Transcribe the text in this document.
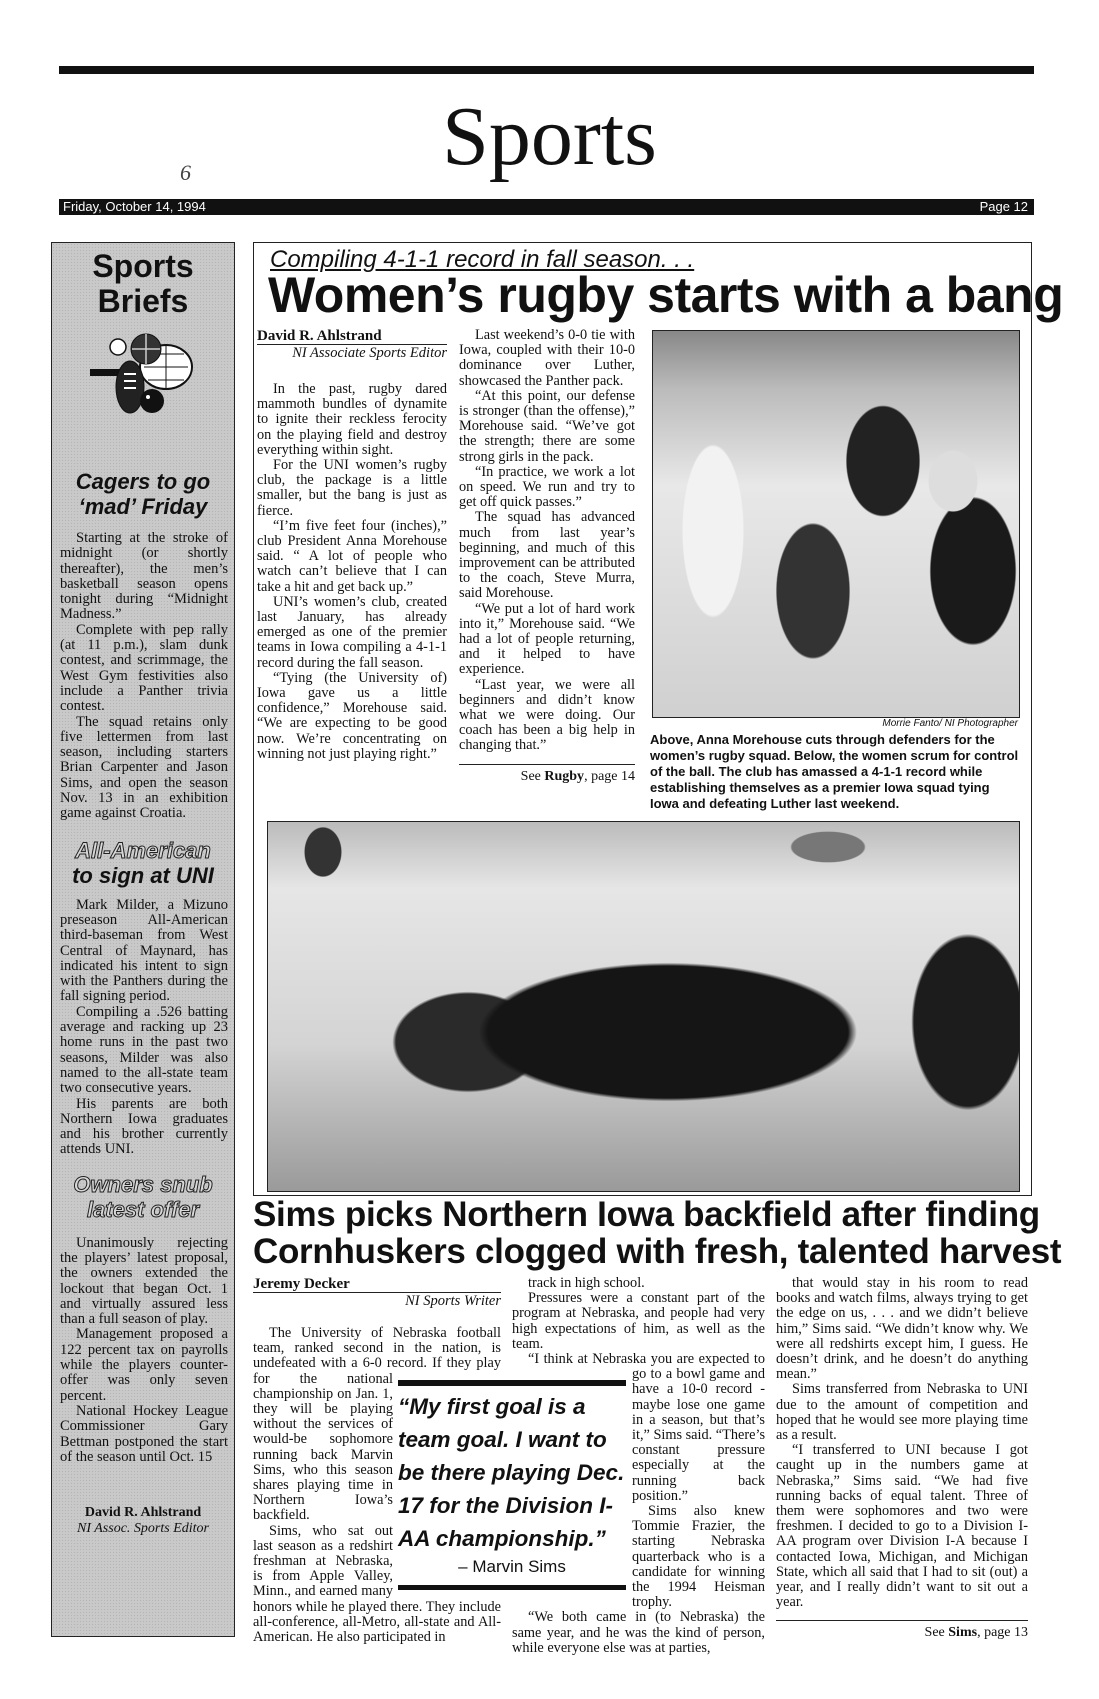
Sports
6
Friday, October 14, 1994	Page 12
Sports
Briefs
Cagers to go
‘mad’ Friday

Starting at the stroke of midnight (or shortly thereafter), the men’s basketball season opens tonight during “Midnight Madness.”

Complete with pep rally (at 11 p.m.), slam dunk contest, and scrimmage, the West Gym festivities also include a Panther trivia contest.

The squad retains only five lettermen from last season, including starters Brian Carpenter and Jason Sims, and open the season Nov. 13 in an exhibition game against Croatia.

All-American
to sign at UNI

Mark Milder, a Mizuno preseason All-American third-baseman from West Central of Maynard, has indicated his intent to sign with the Panthers during the fall signing period.

Compiling a .526 batting average and racking up 23 home runs in the past two seasons, Milder was also named to the all-state team two consecutive years.

His parents are both Northern Iowa graduates and his brother currently attends UNI.

Owners snub
latest offer

Unanimously rejecting the players’ latest proposal, the owners extended the lockout that began Oct. 1 and virtually assured less than a full season of play.

Management proposed a 122 percent tax on payrolls while the players counter-offer was only seven percent.

National Hockey League Commissioner Gary Bettman postponed the start of the season until Oct. 15

David R. Ahlstrand
NI Assoc. Sports Editor
Compiling 4-1-1 record in fall season. . .
Women’s rugby starts with a bang
David R. Ahlstrand
NI Associate Sports Editor

In the past, rugby dared mammoth bundles of dynamite to ignite their reckless ferocity on the playing field and destroy everything within sight.

For the UNI women’s rugby club, the package is a little smaller, but the bang is just as fierce.

“I’m five feet four (inches),” club President Anna Morehouse said. “ A lot of people who watch can’t believe that I can take a hit and get back up.”

UNI’s women’s club, created last January, has already emerged as one of the premier teams in Iowa compiling a 4-1-1 record during the fall season.

“Tying (the University of) Iowa gave us a little confidence,” Morehouse said. “We are expecting to be good now. We’re concentrating on winning not just playing right.”

Last weekend’s 0-0 tie with Iowa, coupled with their 10-0 dominance over Luther, showcased the Panther pack.

“At this point, our defense is stronger (than the offense),” Morehouse said. “We’ve got the strength; there are some strong girls in the pack.

“In practice, we work a lot on speed. We run and try to get off quick passes.”

The squad has advanced much from last year’s beginning, and much of this improvement can be attributed to the coach, Steve Murra, said Morehouse.

“We put a lot of hard work into it,” Morehouse said. “We had a lot of people returning, and it helped to have experience.

“Last year, we were all beginners and didn’t know what we were doing. Our coach has been a big help in changing that.”

See Rugby, page 14
Morrie Fanto/ NI Photographer
Above, Anna Morehouse cuts through defenders for the women’s rugby squad. Below, the women scrum for control of the ball. The club has amassed a 4-1-1 record while establishing themselves as a premier Iowa squad tying Iowa and defeating Luther last weekend.
Sims picks Northern Iowa backfield after finding
Cornhuskers clogged with fresh, talented harvest
Jeremy Decker
NI Sports Writer

The University of Nebraska football team, ranked second in the nation, is undefeated with a 6-0 record. If they play for the national championship on Jan. 1, they will be playing without the services of would-be sophomore running back Marvin Sims, who this season shares playing time in Northern Iowa’s backfield.

Sims, who sat out last season as a redshirt freshman at Nebraska, is from Apple Valley, Minn., and earned many honors while he played there. They include all-conference, all-Metro, all-state and All-American. He also participated in

track in high school.

Pressures were a constant part of the program at Nebraska, and people had very high expectations of him, as well as the team.

“I think at Nebraska you are expected to go to a bowl game and have a 10-0 record - maybe lose one game in a season, but that’s it,” Sims said. “There’s constant pressure especially at the running back position.”

Sims also knew Tommie Frazier, the starting Nebraska quarterback who is a candidate for winning the 1994 Heisman trophy.

“We both came in (to Nebraska) the same year, and he was the kind of person, while everyone else was at parties,

that would stay in his room to read books and watch films, always trying to get the edge on us, . . . and we didn’t believe him,” Sims said. “We didn’t know why. We were all redshirts except him, I guess. He doesn’t drink, and he doesn’t do anything mean.”

Sims transferred from Nebraska to UNI due to the amount of competition and hoped that he would see more playing time as a result.

“I transferred to UNI because I got caught up in the numbers game at Nebraska,” Sims said. “We had five running backs of equal talent. Three of them were sophomores and two were freshmen. I decided to go to a Division I-AA program over Division I-A because I contacted Iowa, Michigan, and Michigan State, which all said that I had to sit (out) a year, and I really didn’t want to sit out a year.

See Sims, page 13
“My first goal is a team goal. I want to be there playing Dec. 17 for the Division I-AA championship.”
– Marvin Sims
